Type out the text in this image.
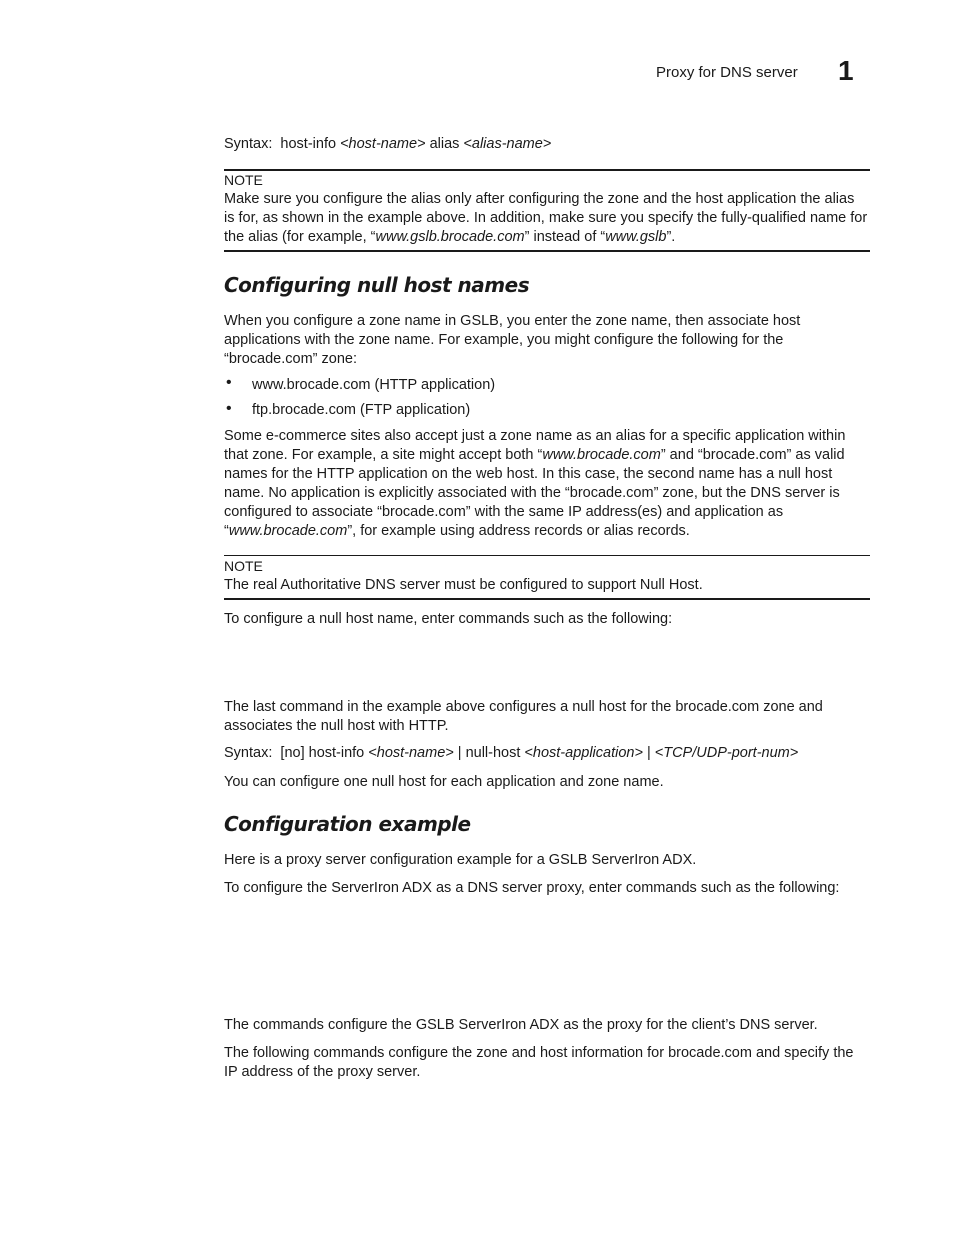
Proxy for DNS server 1
Syntax: host-info <host-name> alias <alias-name>
NOTE
Make sure you configure the alias only after configuring the zone and the host application the alias
is for, as shown in the example above. In addition, make sure you specify the fully-qualified name for
the alias (for example, “www.gslb.brocade.com” instead of “www.gslb”.
Configuring null host names
When you configure a zone name in GSLB, you enter the zone name, then associate host
applications with the zone name. For example, you might configure the following for the
“brocade.com” zone:
• www.brocade.com (HTTP application)
• ftp.brocade.com (FTP application)
Some e-commerce sites also accept just a zone name as an alias for a specific application within
that zone. For example, a site might accept both “www.brocade.com” and “brocade.com” as valid
names for the HTTP application on the web host. In this case, the second name has a null host
name. No application is explicitly associated with the “brocade.com” zone, but the DNS server is
configured to associate “brocade.com” with the same IP address(es) and application as
“www.brocade.com”, for example using address records or alias records.
NOTE
The real Authoritative DNS server must be configured to support Null Host.
To configure a null host name, enter commands such as the following:
The last command in the example above configures a null host for the brocade.com zone and
associates the null host with HTTP.
Syntax: [no] host-info <host-name> | null-host <host-application> | <TCP/UDP-port-num>
You can configure one null host for each application and zone name.
Configuration example
Here is a proxy server configuration example for a GSLB ServerIron ADX.
To configure the ServerIron ADX as a DNS server proxy, enter commands such as the following:
The commands configure the GSLB ServerIron ADX as the proxy for the client’s DNS server.
The following commands configure the zone and host information for brocade.com and specify the
IP address of the proxy server.
